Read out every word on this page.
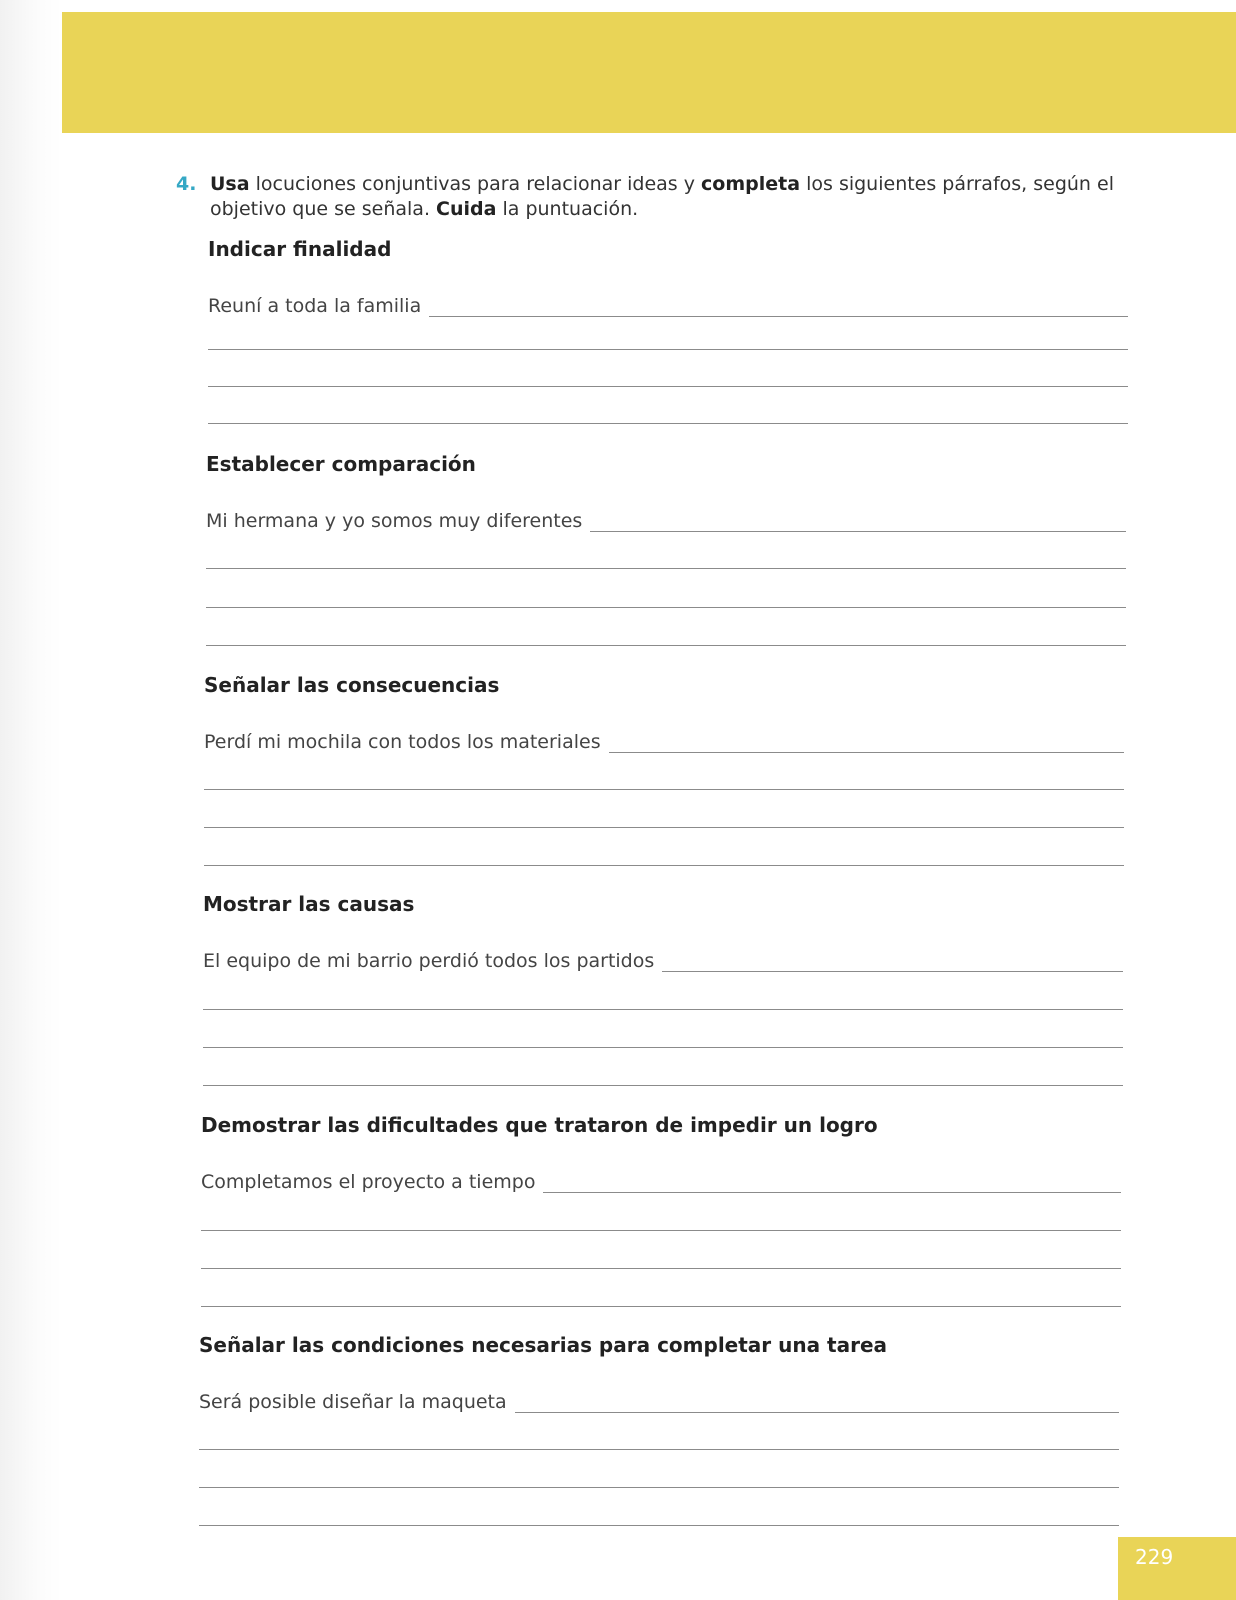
4. Usa locuciones conjuntivas para relacionar ideas y completa los siguientes párrafos, según el objetivo que se señala. Cuida la puntuación.
Indicar finalidad
Reuní a toda la familia
Establecer comparación
Mi hermana y yo somos muy diferentes
Señalar las consecuencias
Perdí mi mochila con todos los materiales
Mostrar las causas
El equipo de mi barrio perdió todos los partidos
Demostrar las dificultades que trataron de impedir un logro
Completamos el proyecto a tiempo
Señalar las condiciones necesarias para completar una tarea
Será posible diseñar la maqueta
229
